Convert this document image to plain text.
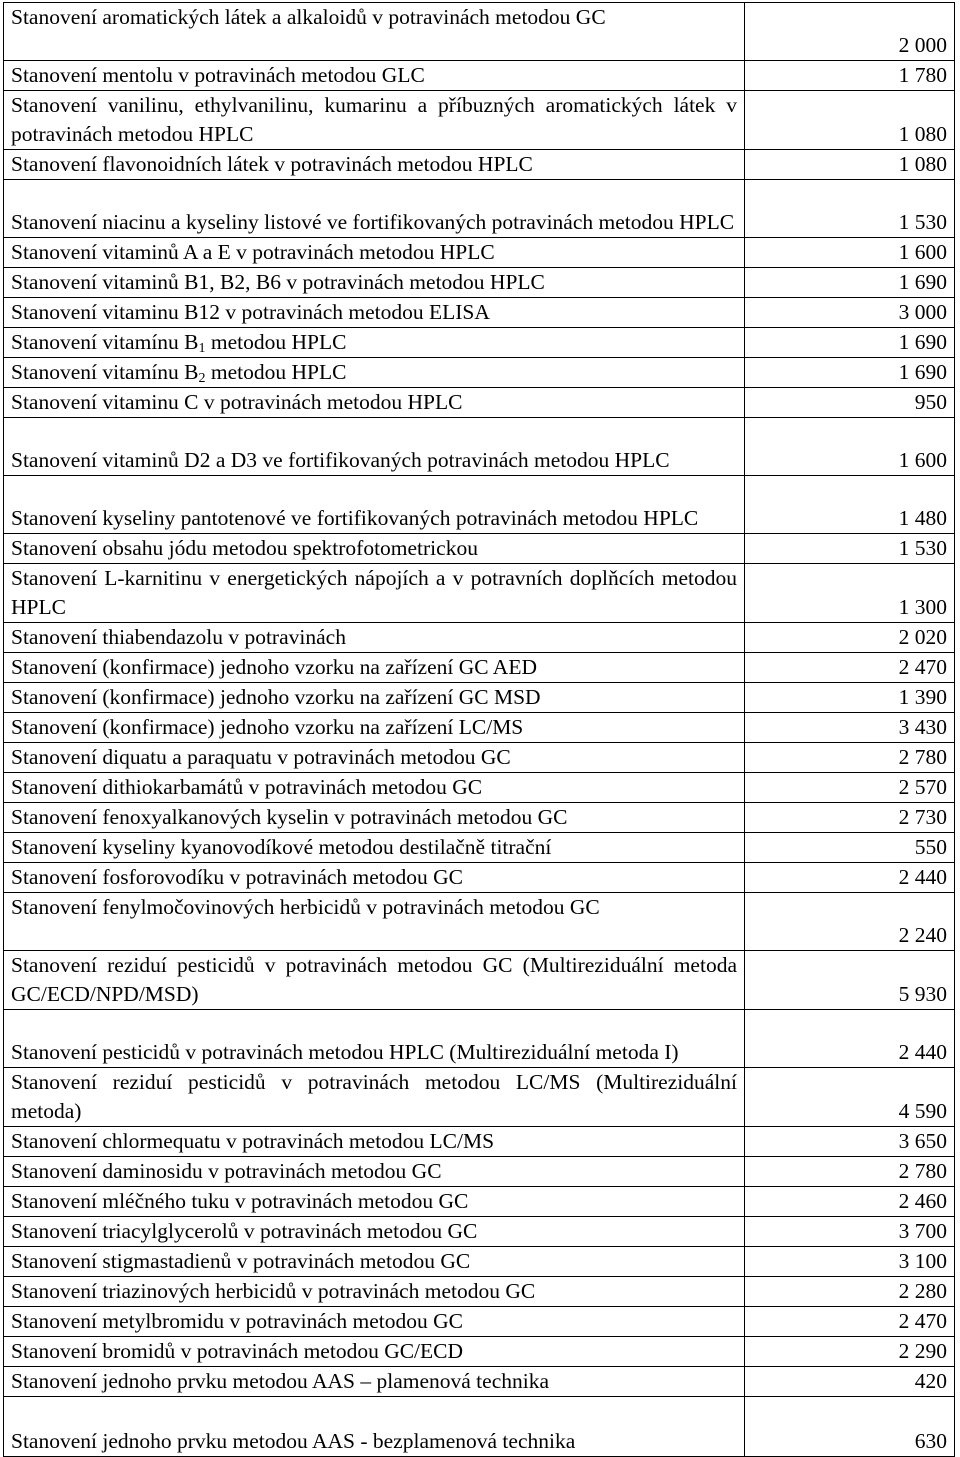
Stanovení aromatických látek a alkaloidů v potravinách metodou GC	2 000
Stanovení mentolu v potravinách metodou GLC	1 780
Stanovení vanilinu, ethylvanilinu, kumarinu a příbuzných aromatických látek v potravinách metodou HPLC	1 080
Stanovení flavonoidních látek v potravinách metodou HPLC	1 080
Stanovení niacinu a kyseliny listové ve fortifikovaných potravinách metodou HPLC	1 530
Stanovení vitaminů A a E v potravinách metodou HPLC	1 600
Stanovení vitaminů B1, B2, B6 v potravinách metodou HPLC	1 690
Stanovení vitaminu B12 v potravinách metodou ELISA	3 000
Stanovení vitamínu $B_1$ metodou HPLC	1 690
Stanovení vitamínu $B_2$ metodou HPLC	1 690
Stanovení vitaminu C v potravinách metodou HPLC	950
Stanovení vitaminů D2 a D3 ve fortifikovaných potravinách metodou HPLC	1 600
Stanovení kyseliny pantotenové ve fortifikovaných potravinách metodou HPLC	1 480
Stanovení obsahu jódu metodou spektrofotometrickou	1 530
Stanovení L-karnitinu v energetických nápojích a v potravních doplňcích metodou HPLC	1 300
Stanovení thiabendazolu v potravinách	2 020
Stanovení (konfirmace) jednoho vzorku na zařízení GC AED	2 470
Stanovení (konfirmace) jednoho vzorku na zařízení GC MSD	1 390
Stanovení (konfirmace) jednoho vzorku na zařízení LC/MS	3 430
Stanovení diquatu a paraquatu v potravinách metodou GC	2 780
Stanovení dithiokarbamátů v potravinách metodou GC	2 570
Stanovení fenoxyalkanových kyselin v potravinách metodou GC	2 730
Stanovení kyseliny kyanovodíkové metodou destilačně titrační	550
Stanovení fosforovodíku v potravinách metodou GC	2 440
Stanovení fenylmočovinových herbicidů v potravinách metodou GC	2 240
Stanovení reziduí pesticidů v potravinách metodou GC (Multireziduální metoda GC/ECD/NPD/MSD)	5 930
Stanovení pesticidů v potravinách metodou HPLC (Multireziduální metoda I)	2 440
Stanovení reziduí pesticidů v potravinách metodou LC/MS (Multireziduální metoda)	4 590
Stanovení chlormequatu v potravinách metodou LC/MS	3 650
Stanovení daminosidu v potravinách metodou GC	2 780
Stanovení mléčného tuku v potravinách metodou GC	2 460
Stanovení triacylglycerolů v potravinách metodou GC	3 700
Stanovení stigmastadienů v potravinách metodou GC	3 100
Stanovení triazinových herbicidů v potravinách metodou GC	2 280
Stanovení metylbromidu v potravinách metodou GC	2 470
Stanovení bromidů v potravinách metodou GC/ECD	2 290
Stanovení jednoho prvku metodou AAS – plamenová technika	420
Stanovení jednoho prvku metodou AAS - bezplamenová technika	630
